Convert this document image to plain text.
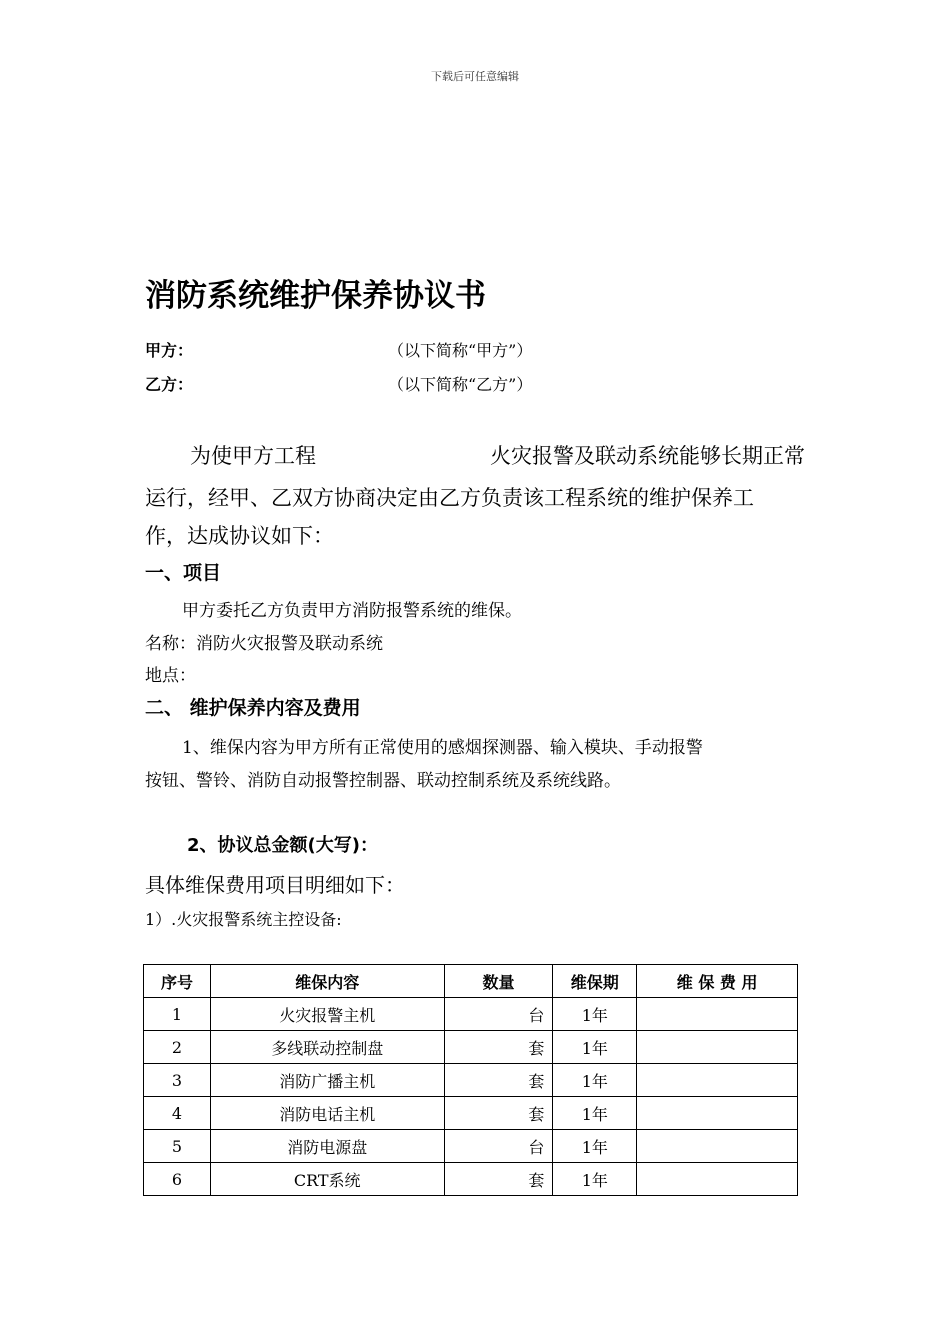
下载后可任意编辑
消防系统维护保养协议书
甲方：	（以下简称“甲方”）
乙方：	（以下简称“乙方”）
为使甲方工程	火灾报警及联动系统能够长期正常
运行，经甲、乙双方协商决定由乙方负责该工程系统的维护保养工
作，达成协议如下：
一、项目
甲方委托乙方负责甲方消防报警系统的维保。
名称：消防火灾报警及联动系统
地点：
二、 维护保养内容及费用
1、维保内容为甲方所有正常使用的感烟探测器、输入模块、手动报警
按钮、警铃、消防自动报警控制器、联动控制系统及系统线路。
2、协议总金额(大写)：
具体维保费用项目明细如下：
1）.火灾报警系统主控设备:
序号	维保内容	数量	维保期	维 保 费 用
1	火灾报警主机	台	1年	
2	多线联动控制盘	套	1年	
3	消防广播主机	套	1年	
4	消防电话主机	套	1年	
5	消防电源盘	台	1年	
6	CRT系统	套	1年	
